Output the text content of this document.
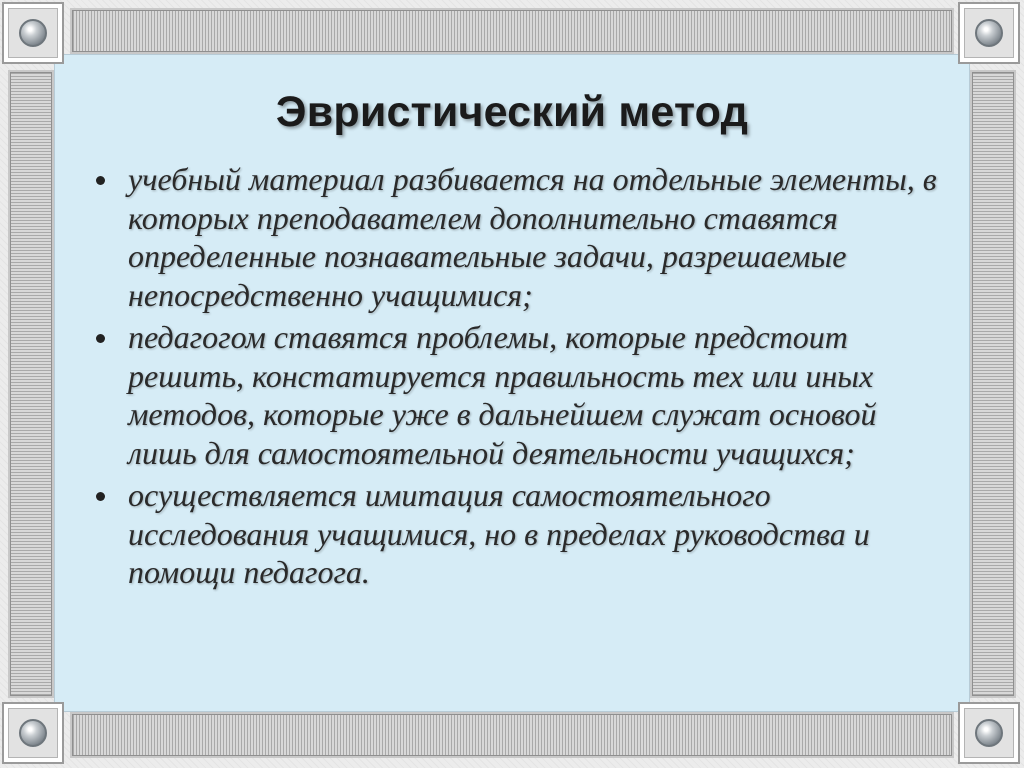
Эвристический метод
учебный материал разбивается на отдельные элементы, в которых преподавателем дополнительно ставятся определенные познавательные задачи, разрешаемые непосредственно учащимися;
педагогом ставятся проблемы, которые предстоит решить, констатируется правильность тех или иных методов, которые уже в дальнейшем служат основой лишь для самостоятельной деятельности учащихся;
осуществляется имитация самостоятельного исследования учащимися, но в пределах руководства и помощи педагога.
